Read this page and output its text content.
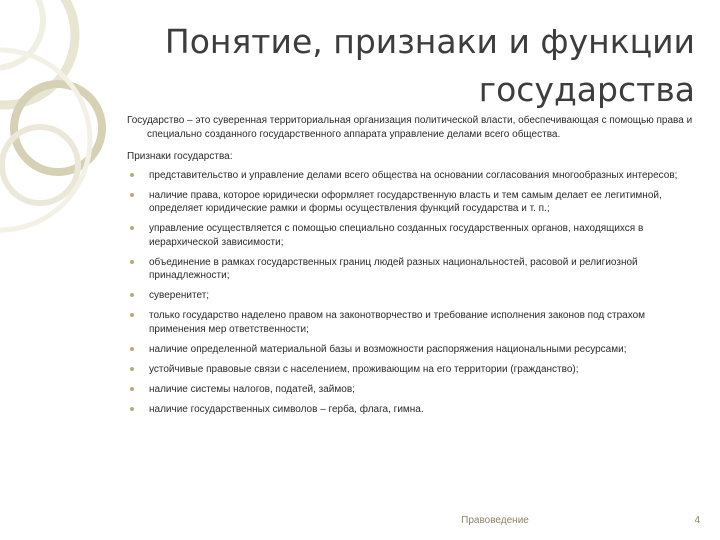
Понятие, признаки и функции
государства

Государство – это суверенная территориальная организация политической власти, обеспечивающая с помощью права и специально созданного государственного аппарата управление делами всего общества.

Признаки государства:

представительство и управление делами всего общества на основании согласования многообразных интересов;
наличие права, которое юридически оформляет государственную власть и тем самым делает ее легитимной, определяет юридические рамки и формы осуществления функций государства и т. п.;
управление осуществляется с помощью специально созданных государственных органов, находящихся в иерархической зависимости;
объединение в рамках государственных границ людей разных национальностей, расовой и религиозной принадлежности;
суверенитет;
только государство наделено правом на законотворчество и требование исполнения законов под страхом применения мер ответственности;
наличие определенной материальной базы и возможности распоряжения национальными ресурсами;
устойчивые правовые связи с населением, проживающим на его территории (гражданство);
наличие системы налогов, податей, займов;
наличие государственных символов – герба, флага, гимна.
Правоведение	4
